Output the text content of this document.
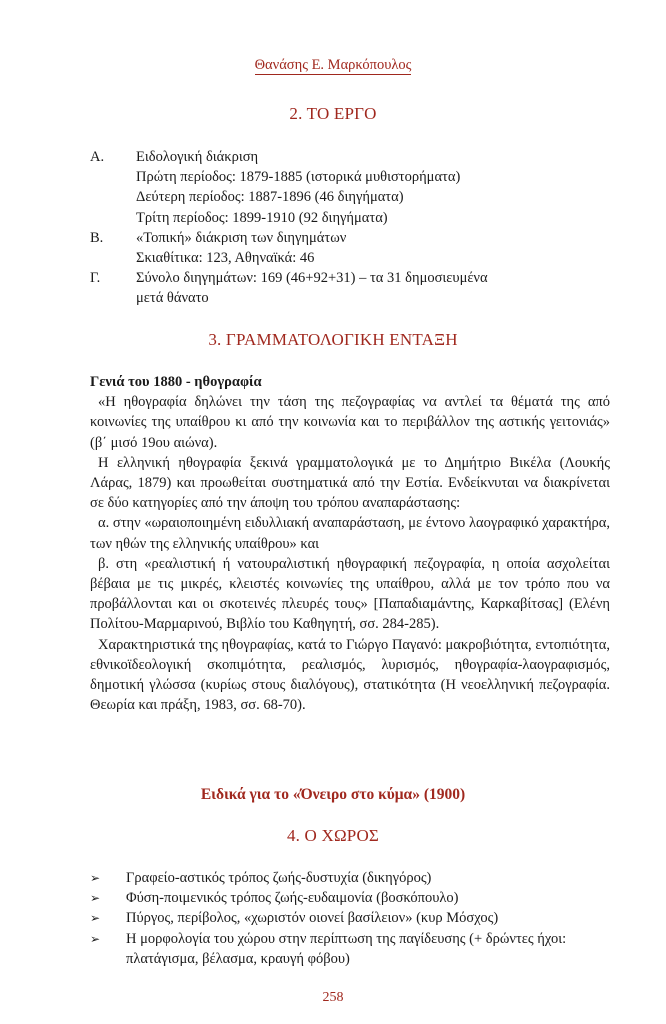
Θανάσης Ε. Μαρκόπουλος
2. ΤΟ ΕΡΓΟ
Α.	Ειδολογική διάκριση
Πρώτη περίοδος: 1879-1885 (ιστορικά μυθιστορήματα)
Δεύτερη περίοδος: 1887-1896 (46 διηγήματα)
Τρίτη περίοδος: 1899-1910 (92 διηγήματα)
Β.	«Τοπική» διάκριση των διηγημάτων
Σκιαθίτικα: 123, Αθηναϊκά: 46
Γ.	Σύνολο διηγημάτων: 169 (46+92+31) – τα 31 δημοσιευμένα
μετά θάνατο
3. ΓΡΑΜΜΑΤΟΛΟΓΙΚΗ ΕΝΤΑΞΗ
Γενιά του 1880 - ηθογραφία

«Η ηθογραφία δηλώνει την τάση της πεζογραφίας να αντλεί τα θέματά της από κοινωνίες της υπαίθρου κι από την κοινωνία και το περιβάλλον της αστικής γειτονιάς» (β΄ μισό 19ου αιώνα).

Η ελληνική ηθογραφία ξεκινά γραμματολογικά με το Δημήτριο Βικέλα (Λουκής Λάρας, 1879) και προωθείται συστηματικά από την Εστία. Ενδείκνυται να διακρίνεται σε δύο κατηγορίες από την άποψη του τρόπου αναπαράστασης:

α. στην «ωραιοποιημένη ειδυλλιακή αναπαράσταση, με έντονο λαογραφικό χαρακτήρα, των ηθών της ελληνικής υπαίθρου» και

β. στη «ρεαλιστική ή νατουραλιστική ηθογραφική πεζογραφία, η οποία ασχολείται βέβαια με τις μικρές, κλειστές κοινωνίες της υπαίθρου, αλλά με τον τρόπο που να προβάλλονται και οι σκοτεινές πλευρές τους» [Παπαδιαμάντης, Καρκαβίτσας] (Ελένη Πολίτου-Μαρμαρινού, Βιβλίο του Καθηγητή, σσ. 284-285).

Χαρακτηριστικά της ηθογραφίας, κατά το Γιώργο Παγανό: μακροβιότητα, εντοπιότητα, εθνικοϊδεολογική σκοπιμότητα, ρεαλισμός, λυρισμός, ηθογραφία-λαογραφισμός, δημοτική γλώσσα (κυρίως στους διαλόγους), στατικότητα (Η νεοελληνική πεζογραφία. Θεωρία και πράξη, 1983, σσ. 68-70).

Ειδικά για το «Όνειρο στο κύμα» (1900)
4. Ο ΧΩΡΟΣ
➢	Γραφείο-αστικός τρόπος ζωής-δυστυχία (δικηγόρος)
➢	Φύση-ποιμενικός τρόπος ζωής-ευδαιμονία (βοσκόπουλο)
➢	Πύργος, περίβολος, «χωριστόν οιονεί βασίλειον» (κυρ Μόσχος)
➢	Η μορφολογία του χώρου στην περίπτωση της παγίδευσης (+ δρώντες ήχοι: πλατάγισμα, βέλασμα, κραυγή φόβου)
258
